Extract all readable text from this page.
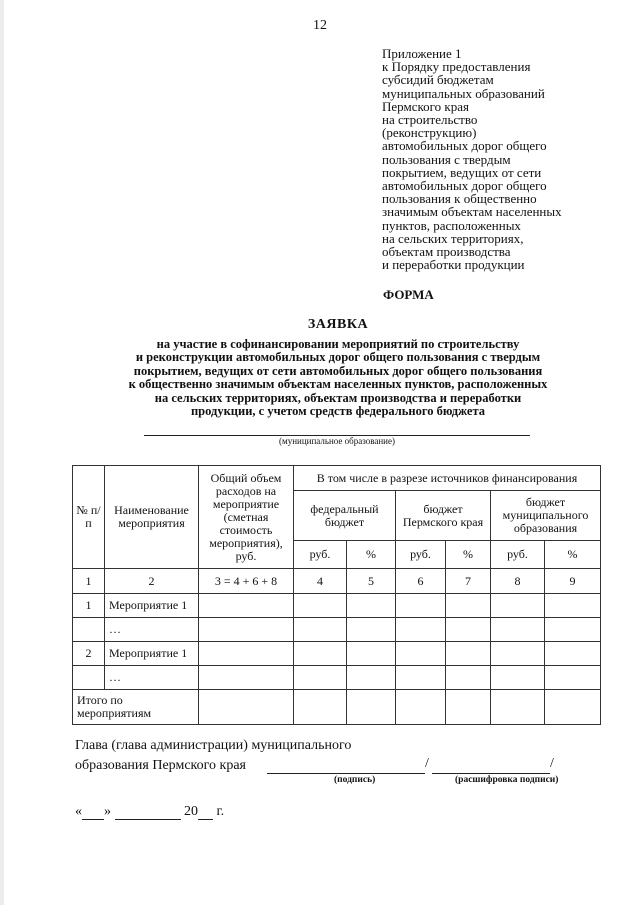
12
Приложение 1
к Порядку предоставления
субсидий бюджетам
муниципальных образований
Пермского края
на строительство
(реконструкцию)
автомобильных дорог общего
пользования с твердым
покрытием, ведущих от сети
автомобильных дорог общего
пользования к общественно
значимым объектам населенных
пунктов, расположенных
на сельских территориях,
объектам производства
и переработки продукции
ФОРМА
ЗАЯВКА
на участие в софинансировании мероприятий по строительству
и реконструкции автомобильных дорог общего пользования с твердым
покрытием, ведущих от сети автомобильных дорог общего пользования
к общественно значимым объектам населенных пунктов, расположенных
на сельских территориях, объектам производства и переработки
продукции, с учетом средств федерального бюджета
(муниципальное образование)
№ п/п	Наименование мероприятия	Общий объем расходов на мероприятие (сметная стоимость мероприятия), руб.	В том числе в разрезе источников финансирования					
			федеральный бюджет		бюджет Пермского края		бюджет муниципального образования	
			руб.	%	руб.	%	руб.	%
1	2	3 = 4 + 6 + 8	4	5	6	7	8	9
1	Мероприятие 1							
	…							
2	Мероприятие 1							
	…							
Итого по мероприятиям								
Глава (глава администрации) муниципального
образования Пермского края	/	/
(подпись)	(расшифровка подписи)
« »	20 г.
